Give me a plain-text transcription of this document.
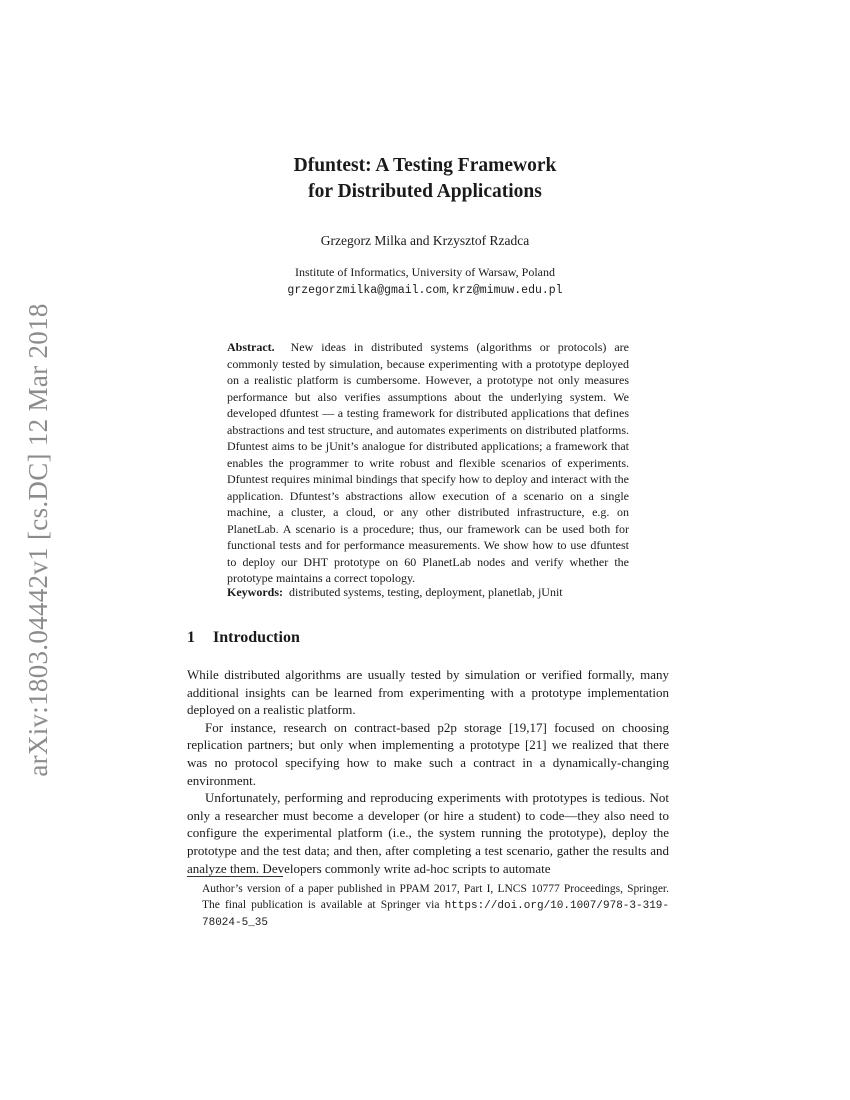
arXiv:1803.04442v1 [cs.DC] 12 Mar 2018
Dfuntest: A Testing Framework
for Distributed Applications
Grzegorz Milka and Krzysztof Rzadca
Institute of Informatics, University of Warsaw, Poland
grzegorzmilka@gmail.com, krz@mimuw.edu.pl
Abstract. New ideas in distributed systems (algorithms or protocols) are commonly tested by simulation, because experimenting with a prototype deployed on a realistic platform is cumbersome. However, a prototype not only measures performance but also verifies assumptions about the underlying system. We developed dfuntest — a testing framework for distributed applications that defines abstractions and test structure, and automates experiments on distributed platforms. Dfuntest aims to be jUnit’s analogue for distributed applications; a framework that enables the programmer to write robust and flexible scenarios of experiments. Dfuntest requires minimal bindings that specify how to deploy and interact with the application. Dfuntest’s abstractions allow execution of a scenario on a single machine, a cluster, a cloud, or any other distributed infrastructure, e.g. on PlanetLab. A scenario is a procedure; thus, our framework can be used both for functional tests and for performance measurements. We show how to use dfuntest to deploy our DHT prototype on 60 PlanetLab nodes and verify whether the prototype maintains a correct topology.
Keywords: distributed systems, testing, deployment, planetlab, jUnit
1 Introduction

While distributed algorithms are usually tested by simulation or verified formally, many additional insights can be learned from experimenting with a prototype implementation deployed on a realistic platform.

For instance, research on contract-based p2p storage [19,17] focused on choosing replication partners; but only when implementing a prototype [21] we realized that there was no protocol specifying how to make such a contract in a dynamically-changing environment.

Unfortunately, performing and reproducing experiments with prototypes is tedious. Not only a researcher must become a developer (or hire a student) to code—they also need to configure the experimental platform (i.e., the system running the prototype), deploy the prototype and the test data; and then, after completing a test scenario, gather the results and analyze them. Developers commonly write ad-hoc scripts to automate

Author’s version of a paper published in PPAM 2017, Part I, LNCS 10777 Proceedings, Springer. The final publication is available at Springer via https://doi.org/10.1007/978-3-319-78024-5_35
